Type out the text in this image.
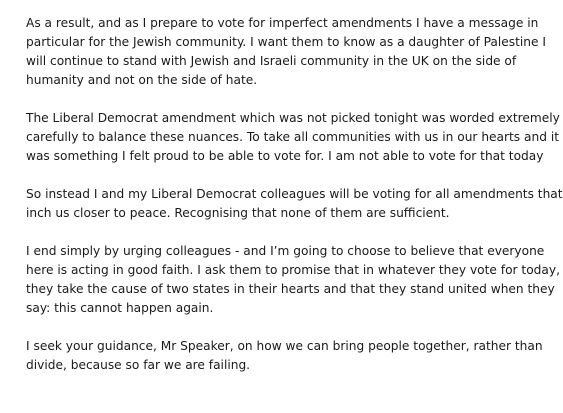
As a result, and as I prepare to vote for imperfect amendments I have a message in
particular for the Jewish community. I want them to know as a daughter of Palestine I
will continue to stand with Jewish and Israeli community in the UK on the side of
humanity and not on the side of hate.

The Liberal Democrat amendment which was not picked tonight was worded extremely
carefully to balance these nuances. To take all communities with us in our hearts and it
was something I felt proud to be able to vote for. I am not able to vote for that today

So instead I and my Liberal Democrat colleagues will be voting for all amendments that
inch us closer to peace. Recognising that none of them are sufficient.

I end simply by urging colleagues - and I’m going to choose to believe that everyone
here is acting in good faith. I ask them to promise that in whatever they vote for today,
they take the cause of two states in their hearts and that they stand united when they
say: this cannot happen again.

I seek your guidance, Mr Speaker, on how we can bring people together, rather than
divide, because so far we are failing.
